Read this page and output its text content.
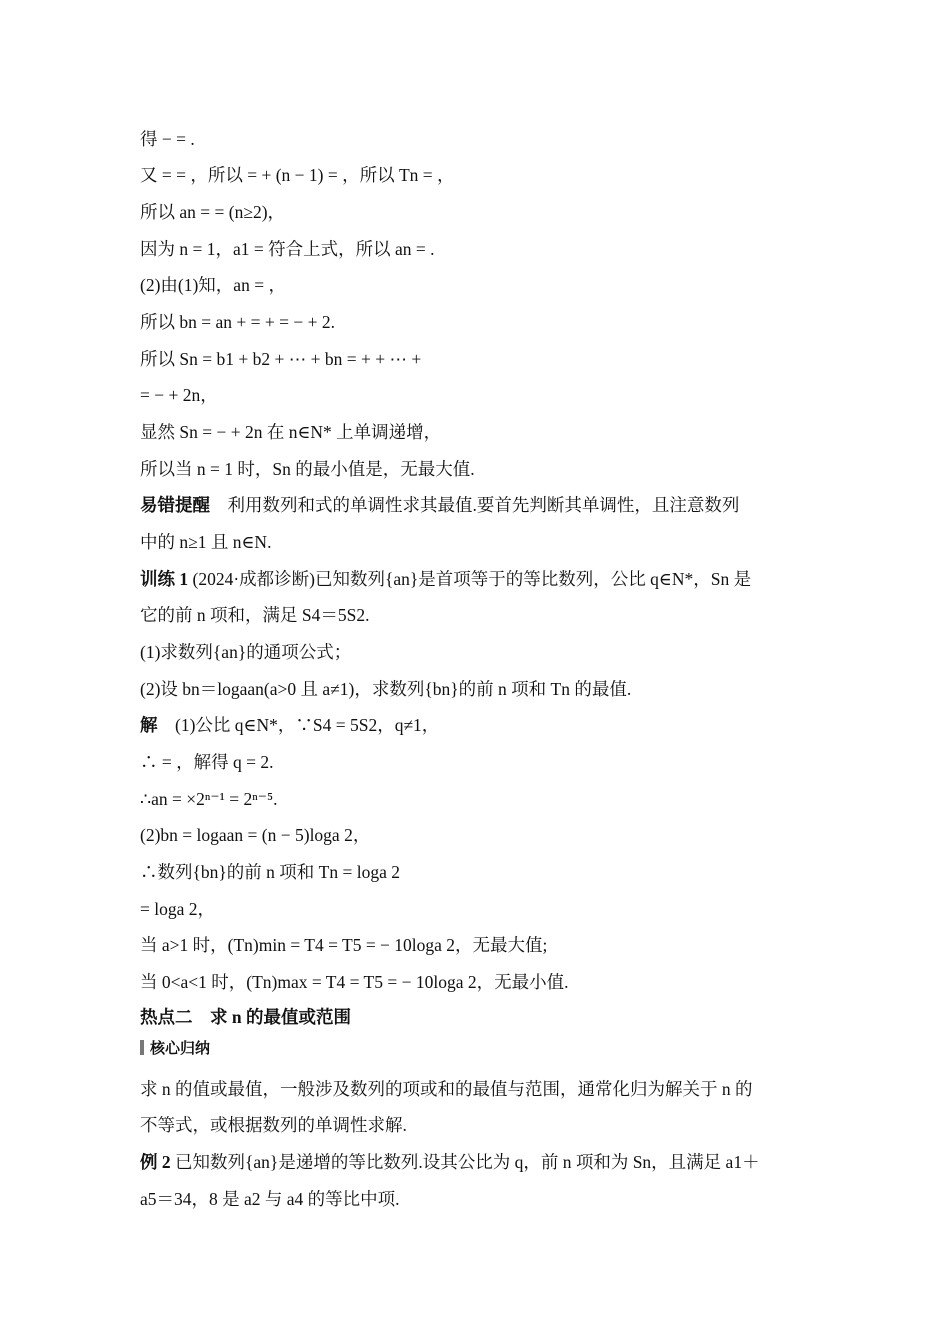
得 − = .
又 = = ，所以 = + (n − 1) = ，所以 Tn = ，
所以 an = = (n≥2)，
因为 n = 1，a1 = 符合上式，所以 an = .
(2)由(1)知，an = ，
所以 bn = an + = + = − + 2.
所以 Sn = b1 + b2 + ⋯ + bn = + + ⋯ +
= − + 2n，
显然 Sn = − + 2n 在 n∈N* 上单调递增，
所以当 n = 1 时，Sn 的最小值是，无最大值.
易错提醒  利用数列和式的单调性求其最值.要首先判断其单调性，且注意数列
中的 n≥1 且 n∈N.
训练 1 (2024·成都诊断)已知数列{an}是首项等于的等比数列，公比 q∈N*，Sn 是
它的前 n 项和，满足 S4＝5S2.
(1)求数列{an}的通项公式；
(2)设 bn＝logaan(a>0 且 a≠1)，求数列{bn}的前 n 项和 Tn 的最值.
解   (1)公比 q∈N*，∵S4 = 5S2，q≠1，
∴ = ，解得 q = 2.
∴an = ×2ⁿ⁻¹ = 2ⁿ⁻⁵.
(2)bn = logaan = (n − 5)loga 2，
∴数列{bn}的前 n 项和 Tn = loga 2
= loga 2，
当 a>1 时，(Tn)min = T4 = T5 = − 10loga 2，无最大值;
当 0<a<1 时，(Tn)max = T4 = T5 = − 10loga 2，无最小值.
热点二　求 n 的最值或范围
核心归纳
求 n 的值或最值，一般涉及数列的项或和的最值与范围，通常化归为解关于 n 的
不等式，或根据数列的单调性求解.
例 2 已知数列{an}是递增的等比数列.设其公比为 q，前 n 项和为 Sn，且满足 a1＋
a5＝34，8 是 a2 与 a4 的等比中项.
